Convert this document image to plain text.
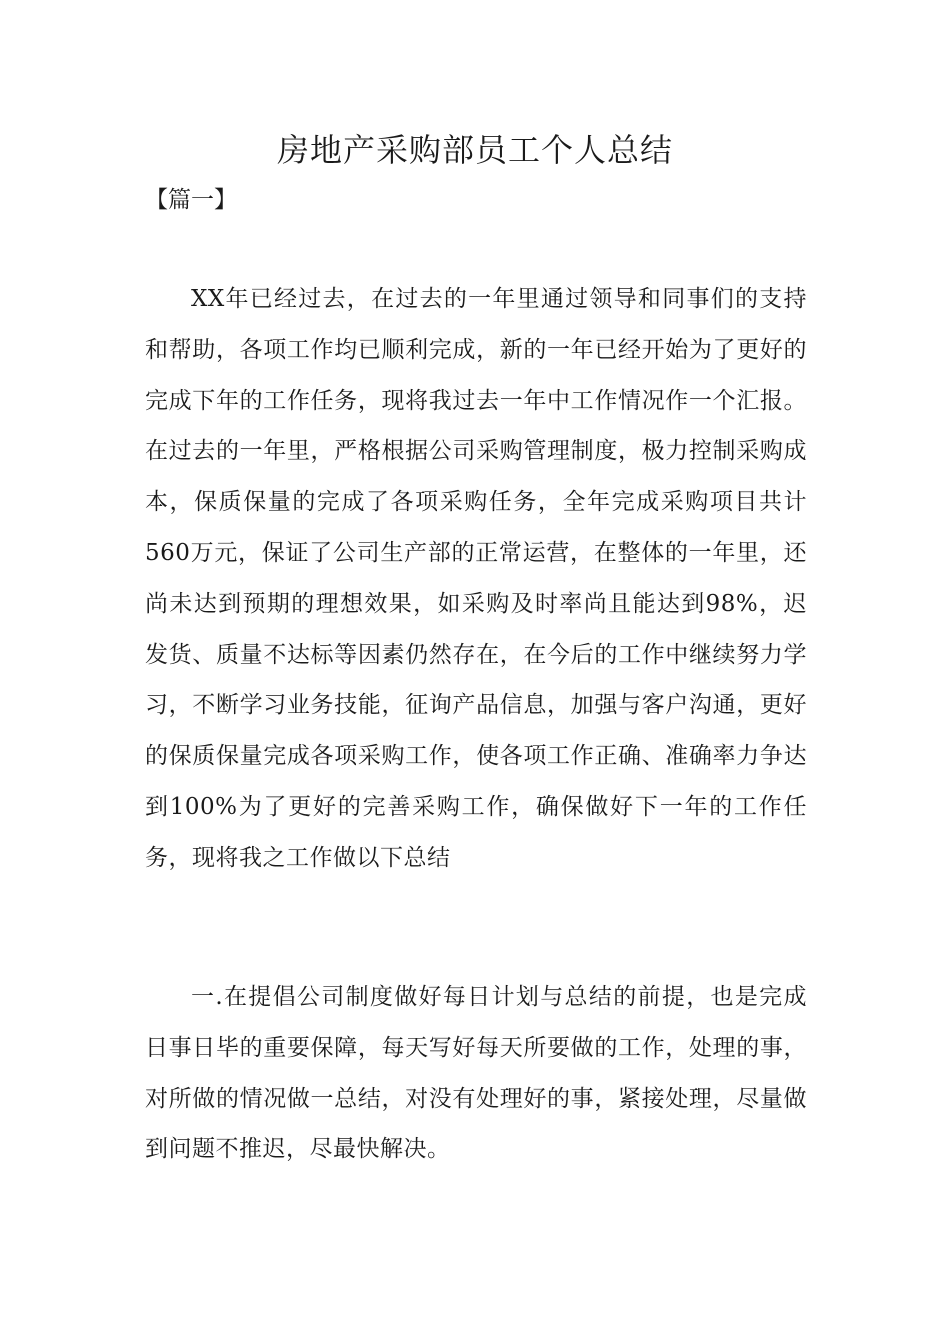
房地产采购部员工个人总结

【篇一】

XX年已经过去，在过去的一年里通过领导和同事们的支持和帮助，各项工作均已顺利完成，新的一年已经开始为了更好的完成下年的工作任务，现将我过去一年中工作情况作一个汇报。在过去的一年里，严格根据公司采购管理制度，极力控制采购成本，保质保量的完成了各项采购任务，全年完成采购项目共计560万元，保证了公司生产部的正常运营，在整体的一年里，还尚未达到预期的理想效果，如采购及时率尚且能达到98%，迟发货、质量不达标等因素仍然存在，在今后的工作中继续努力学习，不断学习业务技能，征询产品信息，加强与客户沟通，更好的保质保量完成各项采购工作，使各项工作正确、准确率力争达到100%为了更好的完善采购工作，确保做好下一年的工作任务，现将我之工作做以下总结

一.在提倡公司制度做好每日计划与总结的前提，也是完成日事日毕的重要保障，每天写好每天所要做的工作，处理的事，对所做的情况做一总结，对没有处理好的事，紧接处理，尽量做到问题不推迟，尽最快解决。
